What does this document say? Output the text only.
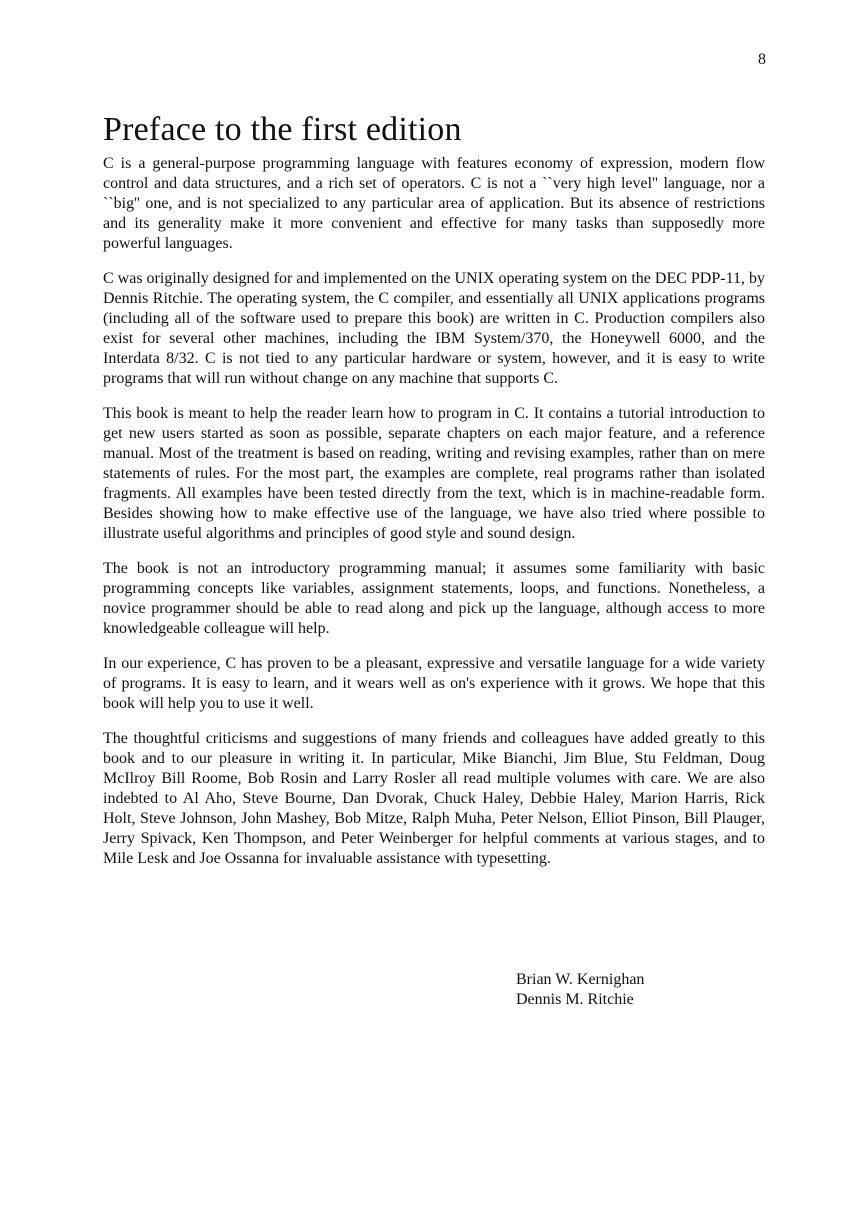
8
Preface to the first edition

C is a general-purpose programming language with features economy of expression, modern flow control and data structures, and a rich set of operators. C is not a ``very high level'' language, nor a ``big'' one, and is not specialized to any particular area of application. But its absence of restrictions and its generality make it more convenient and effective for many tasks than supposedly more powerful languages.

C was originally designed for and implemented on the UNIX operating system on the DEC PDP-11, by Dennis Ritchie. The operating system, the C compiler, and essentially all UNIX applications programs (including all of the software used to prepare this book) are written in C. Production compilers also exist for several other machines, including the IBM System/370, the Honeywell 6000, and the Interdata 8/32. C is not tied to any particular hardware or system, however, and it is easy to write programs that will run without change on any machine that supports C.

This book is meant to help the reader learn how to program in C. It contains a tutorial introduction to get new users started as soon as possible, separate chapters on each major feature, and a reference manual. Most of the treatment is based on reading, writing and revising examples, rather than on mere statements of rules. For the most part, the examples are complete, real programs rather than isolated fragments. All examples have been tested directly from the text, which is in machine-readable form. Besides showing how to make effective use of the language, we have also tried where possible to illustrate useful algorithms and principles of good style and sound design.

The book is not an introductory programming manual; it assumes some familiarity with basic programming concepts like variables, assignment statements, loops, and functions. Nonetheless, a novice programmer should be able to read along and pick up the language, although access to more knowledgeable colleague will help.

In our experience, C has proven to be a pleasant, expressive and versatile language for a wide variety of programs. It is easy to learn, and it wears well as on's experience with it grows. We hope that this book will help you to use it well.

The thoughtful criticisms and suggestions of many friends and colleagues have added greatly to this book and to our pleasure in writing it. In particular, Mike Bianchi, Jim Blue, Stu Feldman, Doug McIlroy Bill Roome, Bob Rosin and Larry Rosler all read multiple volumes with care. We are also indebted to Al Aho, Steve Bourne, Dan Dvorak, Chuck Haley, Debbie Haley, Marion Harris, Rick Holt, Steve Johnson, John Mashey, Bob Mitze, Ralph Muha, Peter Nelson, Elliot Pinson, Bill Plauger, Jerry Spivack, Ken Thompson, and Peter Weinberger for helpful comments at various stages, and to Mile Lesk and Joe Ossanna for invaluable assistance with typesetting.

Brian W. Kernighan
Dennis M. Ritchie
